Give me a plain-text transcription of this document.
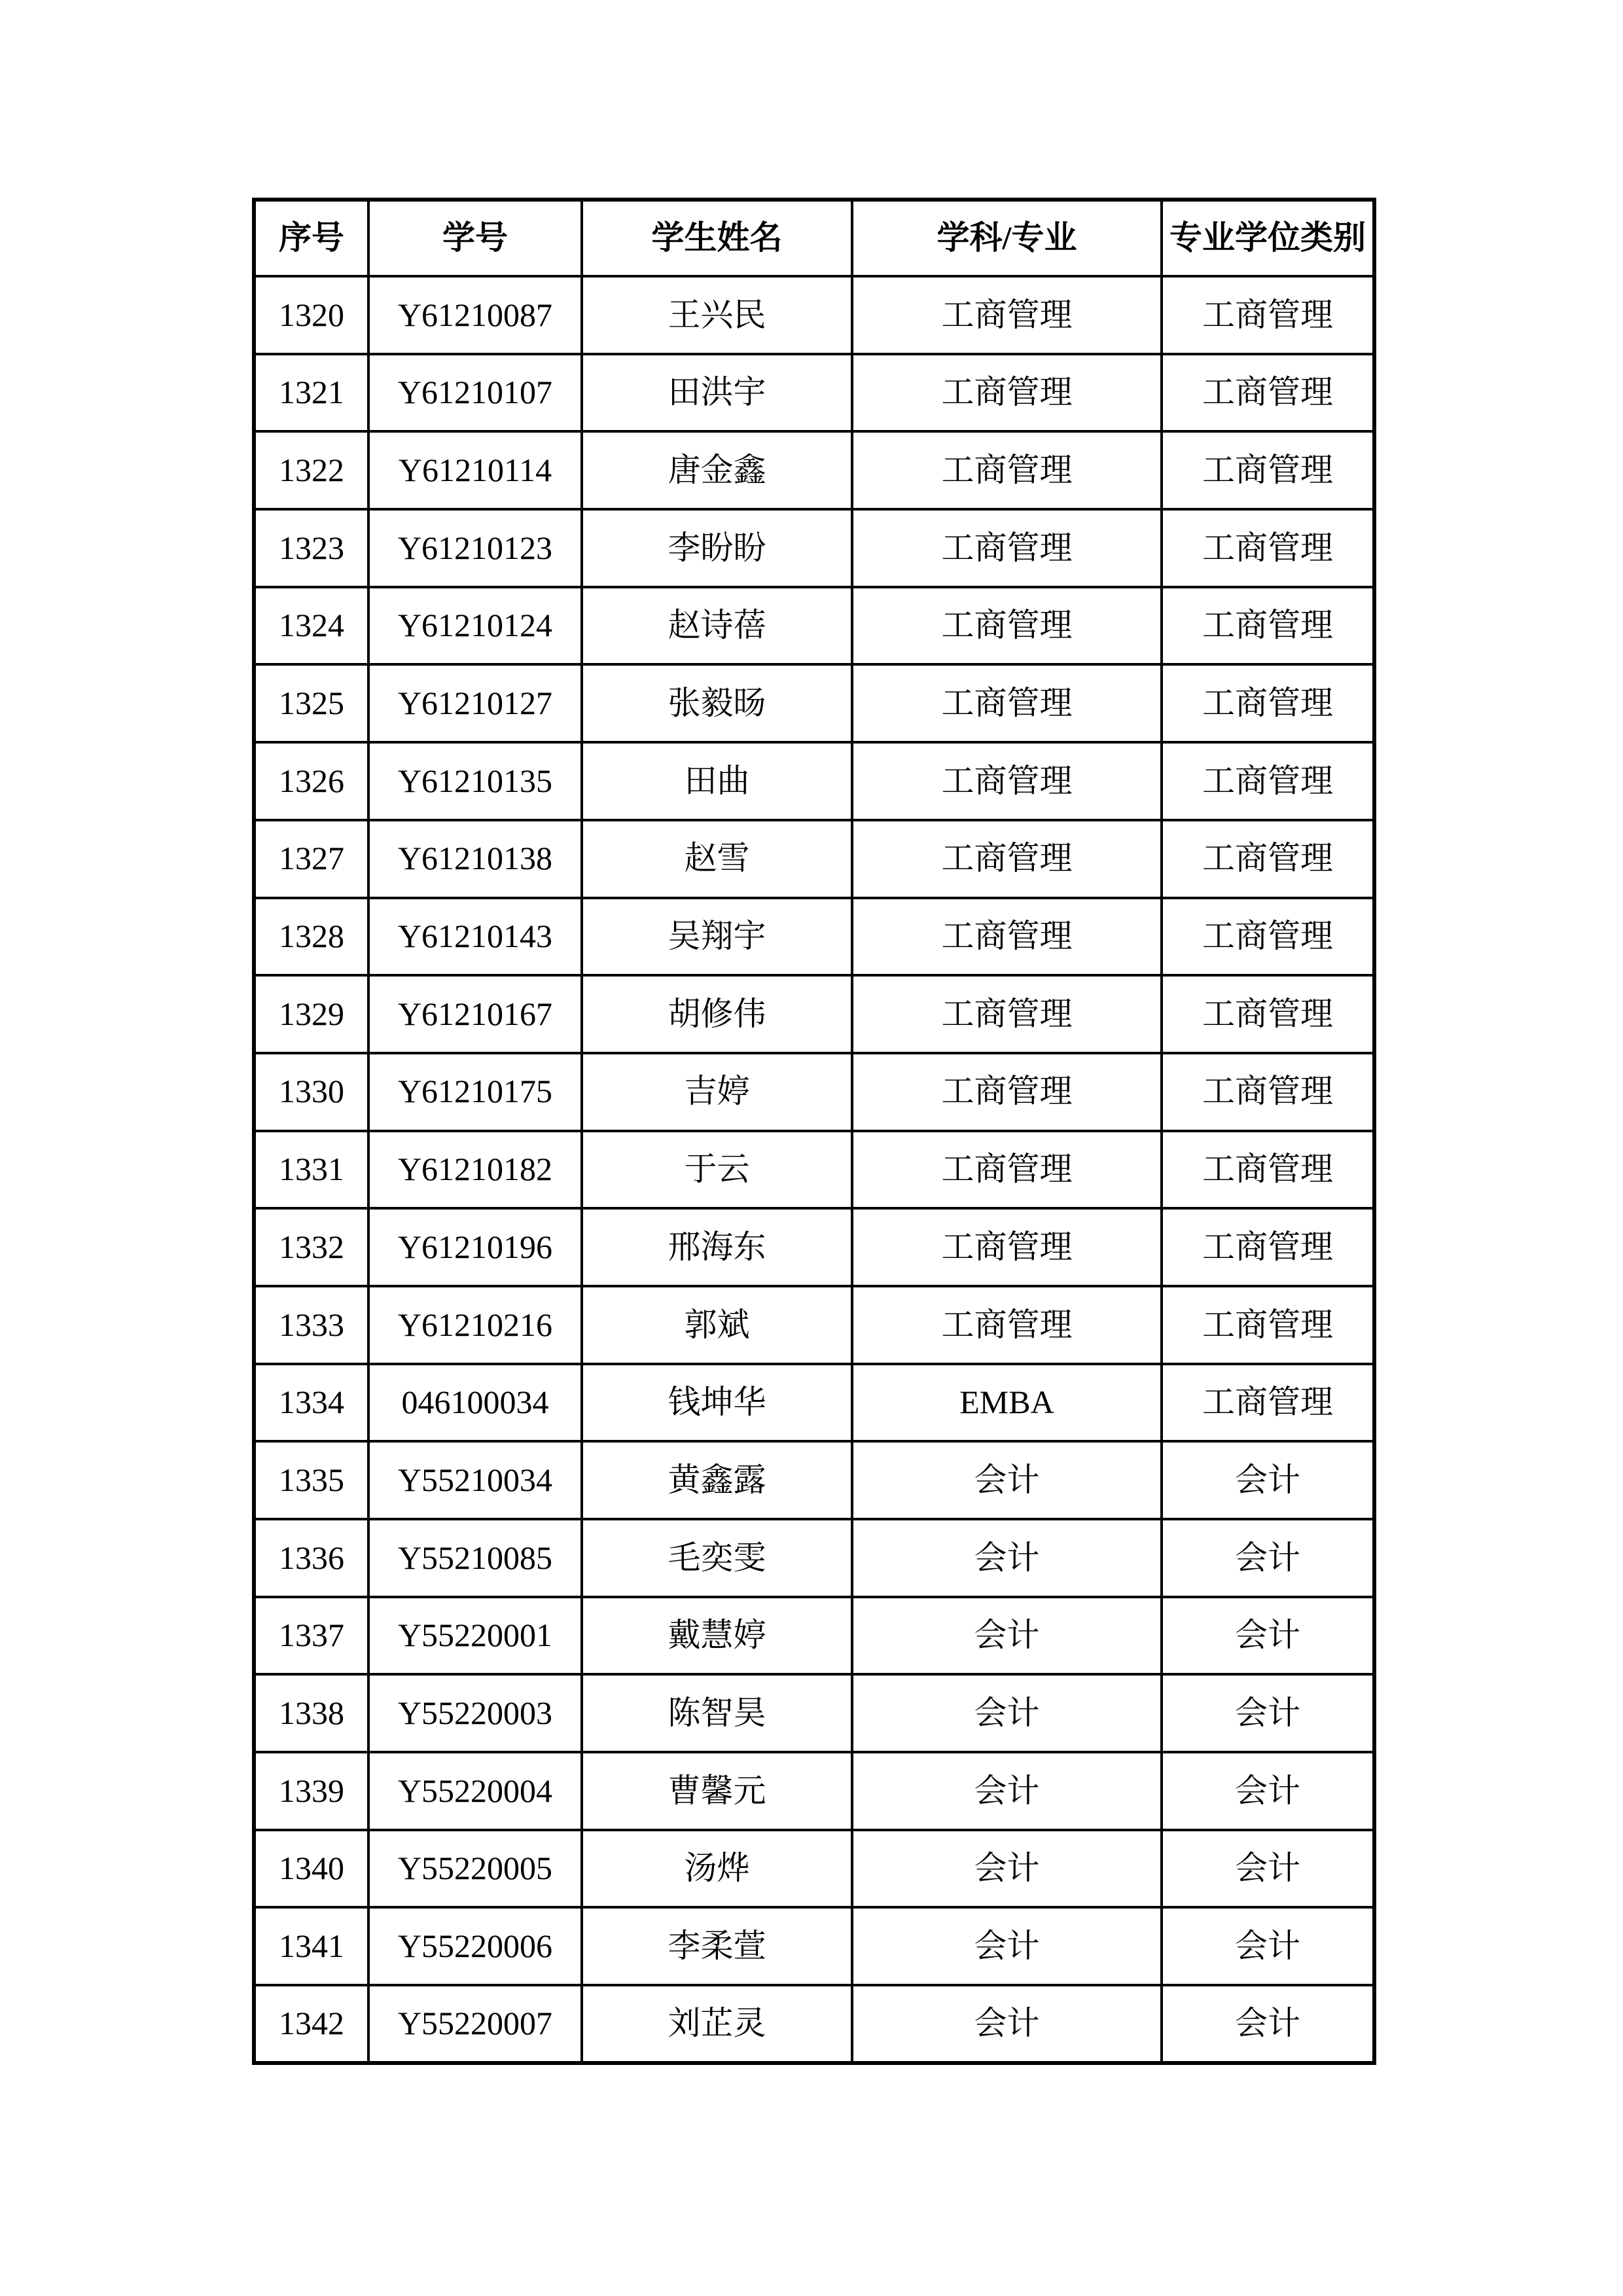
序号	学号	学生姓名	学科/专业	专业学位类别
1320	Y61210087	王兴民	工商管理	工商管理
1321	Y61210107	田洪宇	工商管理	工商管理
1322	Y61210114	唐金鑫	工商管理	工商管理
1323	Y61210123	李盼盼	工商管理	工商管理
1324	Y61210124	赵诗蓓	工商管理	工商管理
1325	Y61210127	张毅旸	工商管理	工商管理
1326	Y61210135	田曲	工商管理	工商管理
1327	Y61210138	赵雪	工商管理	工商管理
1328	Y61210143	吴翔宇	工商管理	工商管理
1329	Y61210167	胡修伟	工商管理	工商管理
1330	Y61210175	吉婷	工商管理	工商管理
1331	Y61210182	于云	工商管理	工商管理
1332	Y61210196	邢海东	工商管理	工商管理
1333	Y61210216	郭斌	工商管理	工商管理
1334	046100034	钱坤华	EMBA	工商管理
1335	Y55210034	黄鑫露	会计	会计
1336	Y55210085	毛奕雯	会计	会计
1337	Y55220001	戴慧婷	会计	会计
1338	Y55220003	陈智昊	会计	会计
1339	Y55220004	曹馨元	会计	会计
1340	Y55220005	汤烨	会计	会计
1341	Y55220006	李柔萱	会计	会计
1342	Y55220007	刘芷灵	会计	会计
